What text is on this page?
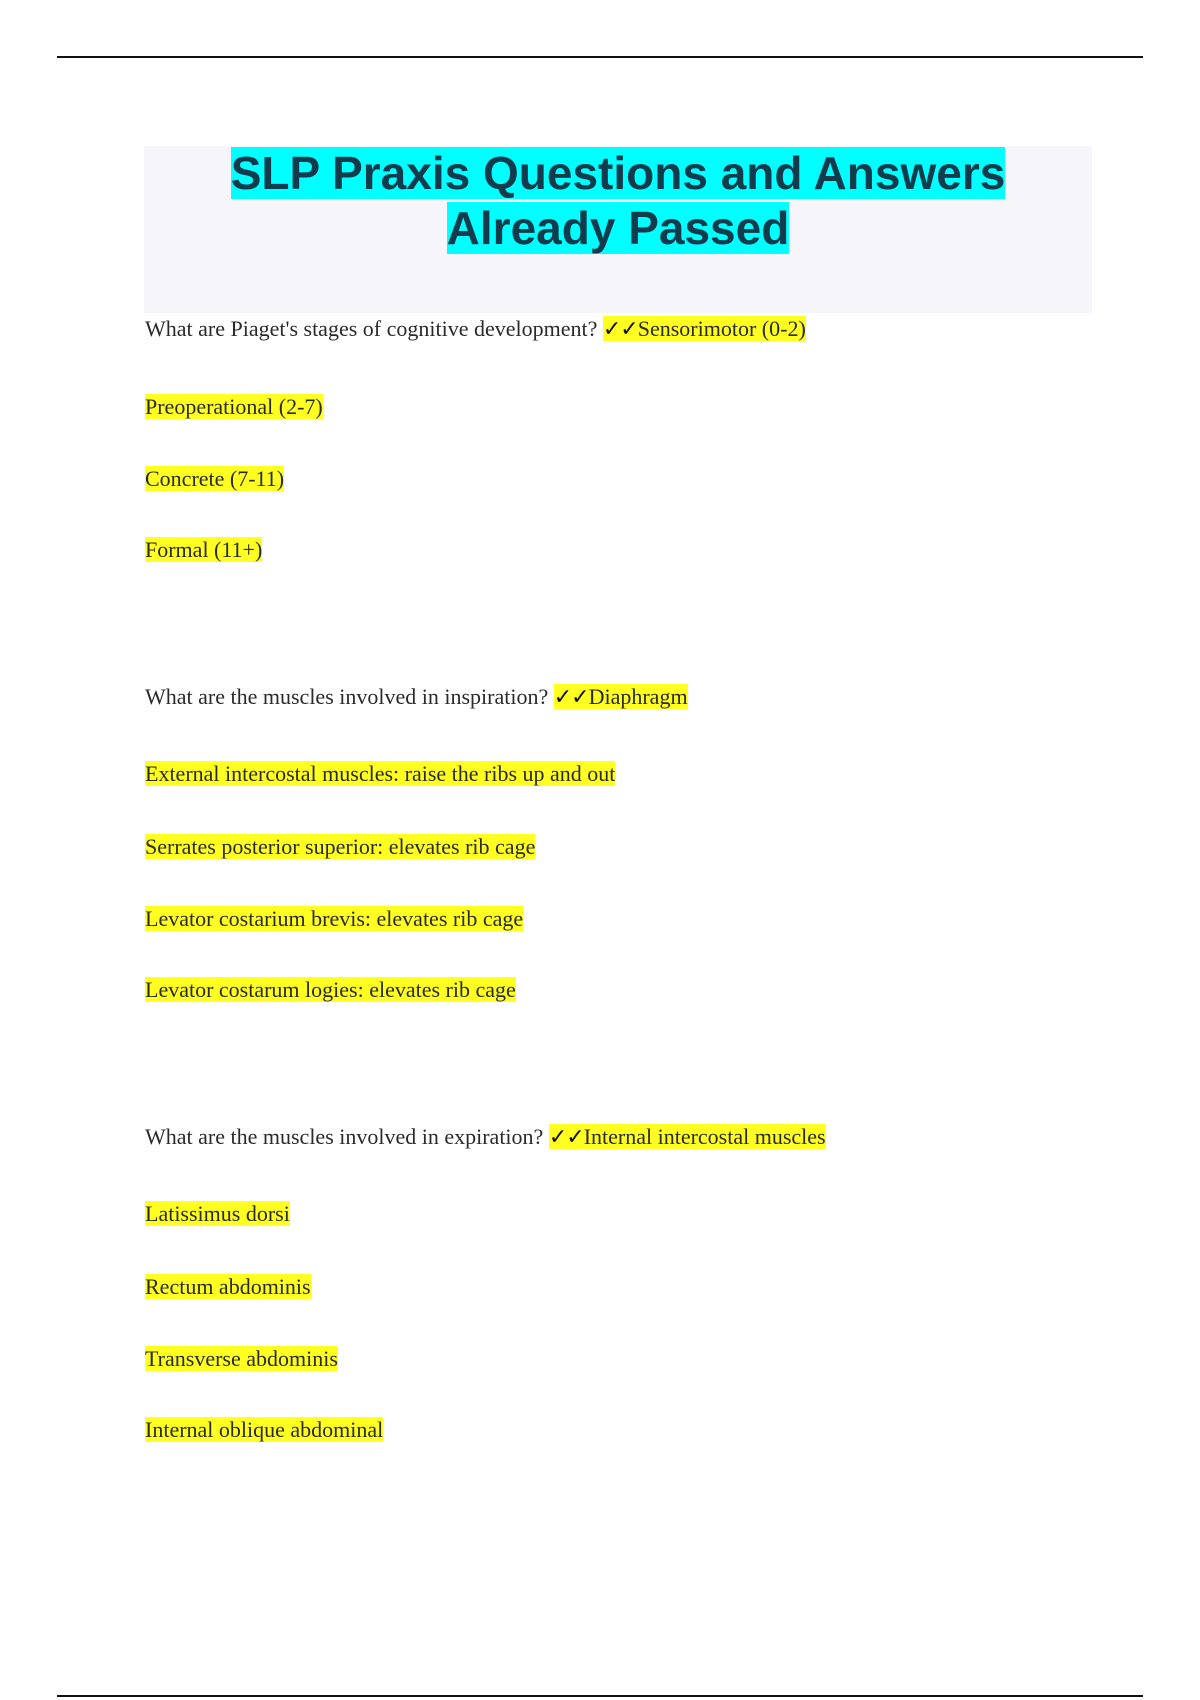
SLP Praxis Questions and Answers Already Passed
What are Piaget's stages of cognitive development? ✓✓Sensorimotor (0-2)
Preoperational (2-7)
Concrete (7-11)
Formal (11+)
What are the muscles involved in inspiration? ✓✓Diaphragm
External intercostal muscles: raise the ribs up and out
Serrates posterior superior: elevates rib cage
Levator costarium brevis: elevates rib cage
Levator costarum logies: elevates rib cage
What are the muscles involved in expiration? ✓✓Internal intercostal muscles
Latissimus dorsi
Rectum abdominis
Transverse abdominis
Internal oblique abdominal
